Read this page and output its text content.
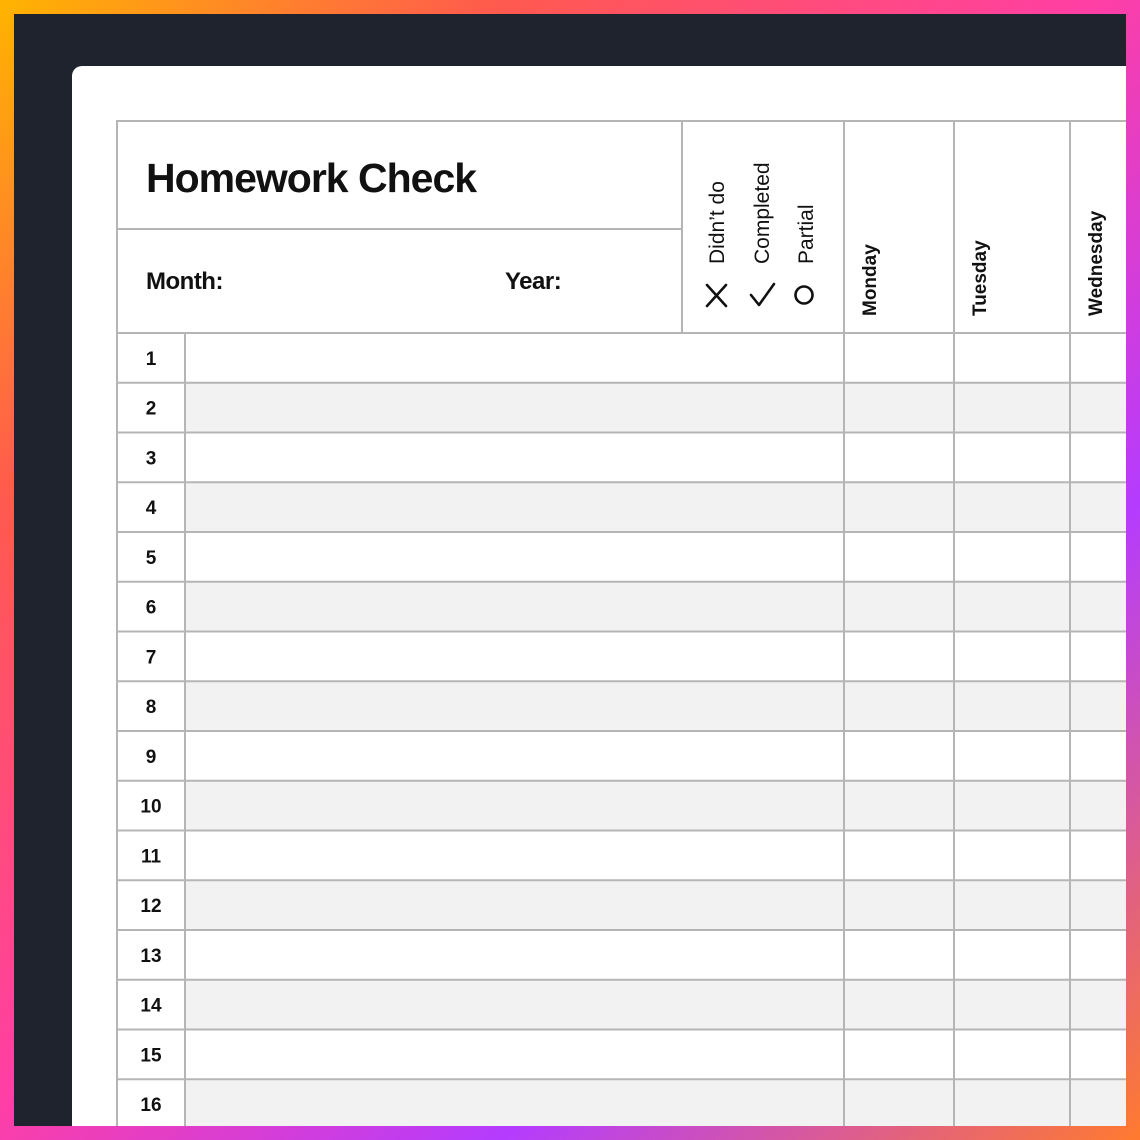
Homework Check
Month:	Year:
Didn’t do Completed Partial
Monday	Tuesday	Wednesday
1
2
3
4
5
6
7
8
9
10
11
12
13
14
15
16
